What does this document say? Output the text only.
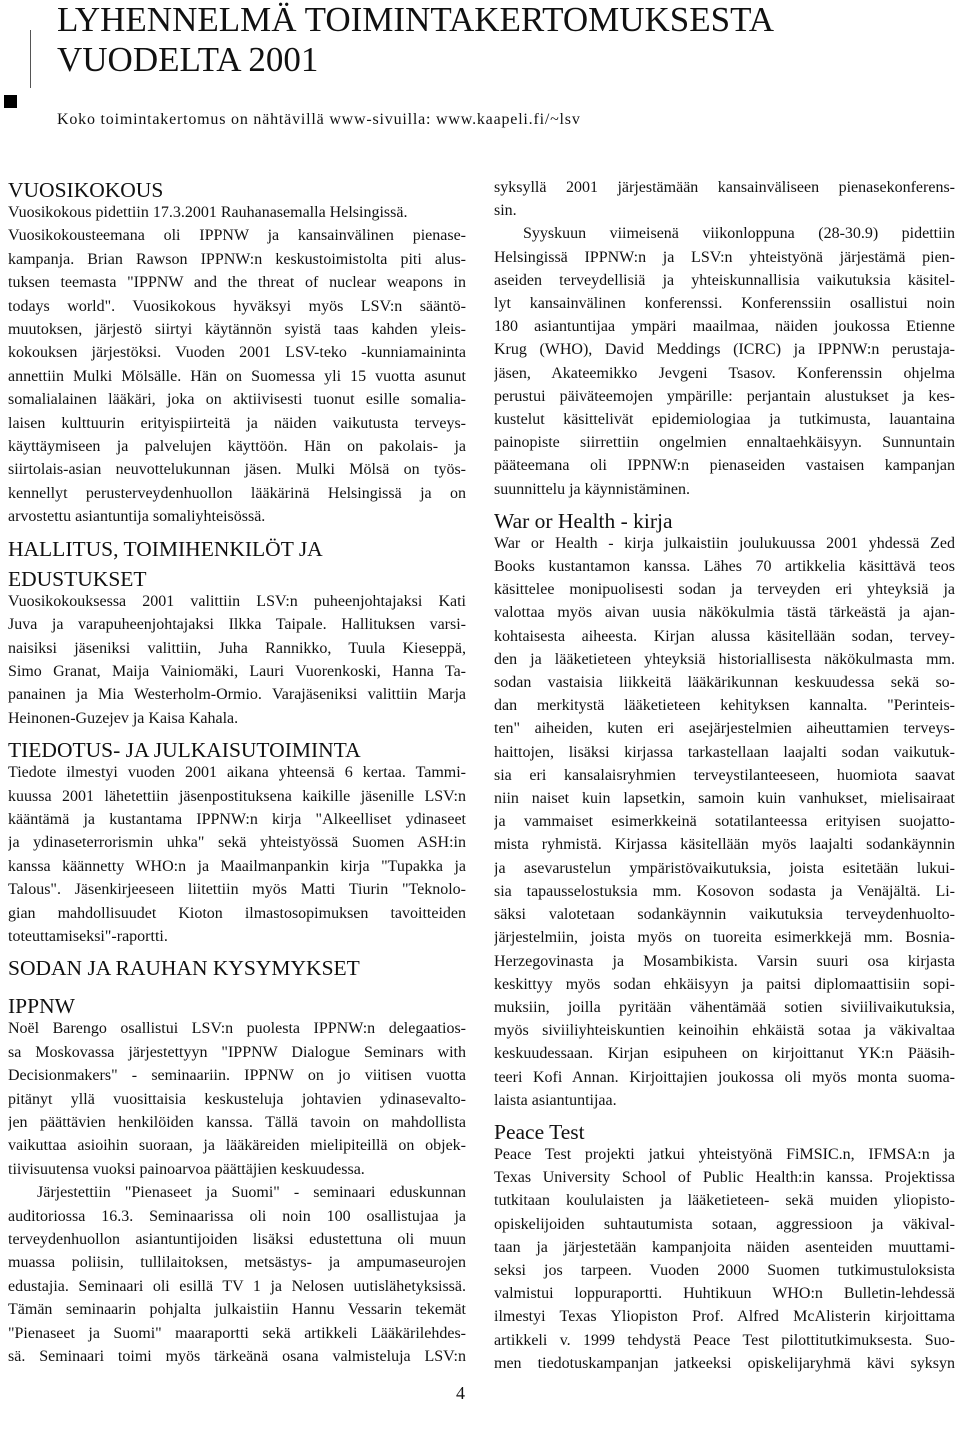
LYHENNELMÄ TOIMINTAKERTOMUKSESTA
VUODELTA 2001
Koko toimintakertomus on nähtävillä www-sivuilla: www.kaapeli.fi/~lsv
VUOSIKOKOUS
Vuosikokous pidettiin 17.3.2001 Rauhanasemalla Helsingissä.
Vuosikokousteemana oli IPPNW ja kansainvälinen pienase-
kampanja. Brian Rawson IPPNW:n keskustoimistolta piti alus-
tuksen teemasta "IPPNW and the threat of nuclear weapons in
todays world". Vuosikokous hyväksyi myös LSV:n sääntö-
muutoksen, järjestö siirtyi käytännön syistä taas kahden yleis-
kokouksen järjestöksi. Vuoden 2001 LSV-teko -kunniamaininta
annettiin Mulki Mölsälle. Hän on Suomessa yli 15 vuotta asunut
somalialainen lääkäri, joka on aktiivisesti tuonut esille somalia-
laisen kulttuurin erityispiirteitä ja näiden vaikutusta terveys-
käyttäymiseen ja palvelujen käyttöön. Hän on pakolais- ja
siirtolais-asian neuvottelukunnan jäsen. Mulki Mölsä on työs-
kennellyt perusterveydenhuollon lääkärinä Helsingissä ja on
arvostettu asiantuntija somaliyhteisössä.
HALLITUS, TOIMIHENKILÖT JA
EDUSTUKSET
Vuosikokouksessa 2001 valittiin LSV:n puheenjohtajaksi Kati
Juva ja varapuheenjohtajaksi Ilkka Taipale. Hallituksen varsi-
naisiksi jäseniksi valittiin, Juha Rannikko, Tuula Kieseppä,
Simo Granat, Maija Vainiomäki, Lauri Vuorenkoski, Hanna Ta-
panainen ja Mia Westerholm-Ormio. Varajäseniksi valittiin Marja
Heinonen-Guzejev ja Kaisa Kahala.
TIEDOTUS- JA JULKAISUTOIMINTA
Tiedote ilmestyi vuoden 2001 aikana yhteensä 6 kertaa. Tammi-
kuussa 2001 lähetettiin jäsenpostituksena kaikille jäsenille LSV:n
kääntämä ja kustantama IPPNW:n kirja "Alkeelliset ydinaseet
ja ydinaseterrorismin uhka" sekä yhteistyössä Suomen ASH:in
kanssa käännetty WHO:n ja Maailmanpankin kirja "Tupakka ja
Talous". Jäsenkirjeeseen liitettiin myös Matti Tiurin "Teknolo-
gian mahdollisuudet Kioton ilmastosopimuksen tavoitteiden
toteuttamiseksi"-raportti.
SODAN JA RAUHAN KYSYMYKSET
IPPNW
Noël Barengo osallistui LSV:n puolesta IPPNW:n delegaatios-
sa Moskovassa järjestettyyn "IPPNW Dialogue Seminars with
Decisionmakers" - seminaariin. IPPNW on jo viitisen vuotta
pitänyt yllä vuosittaisia keskusteluja johtavien ydinasevalto-
jen päättävien henkilöiden kanssa. Tällä tavoin on mahdollista
vaikuttaa asioihin suoraan, ja lääkäreiden mielipiteillä on objek-
tiivisuutensa vuoksi painoarvoa päättäjien keskuudessa.
Järjestettiin "Pienaseet ja Suomi" - seminaari eduskunnan
auditoriossa 16.3. Seminaarissa oli noin 100 osallistujaa ja
terveydenhuollon asiantuntijoiden lisäksi edustettuna oli muun
muassa poliisin, tullilaitoksen, metsästys- ja ampumaseurojen
edustajia. Seminaari oli esillä TV 1 ja Nelosen uutislähetyksissä.
Tämän seminaarin pohjalta julkaistiin Hannu Vessarin tekemät
"Pienaseet ja Suomi" maaraportti sekä artikkeli Lääkärilehdes-
sä. Seminaari toimi myös tärkeänä osana valmisteluja LSV:n
syksyllä 2001 järjestämään kansainväliseen pienasekonferens-
sin.
Syyskuun viimeisenä viikonloppuna (28-30.9) pidettiin
Helsingissä IPPNW:n ja LSV:n yhteistyönä järjestämä pien-
aseiden terveydellisiä ja yhteiskunnallisia vaikutuksia käsitel-
lyt kansainvälinen konferenssi. Konferenssiin osallistui noin
180 asiantuntijaa ympäri maailmaa, näiden joukossa Etienne
Krug (WHO), David Meddings (ICRC) ja IPPNW:n perustaja-
jäsen, Akateemikko Jevgeni Tsasov. Konferenssin ohjelma
perustui päiväteemojen ympärille: perjantain alustukset ja kes-
kustelut käsittelivät epidemiologiaa ja tutkimusta, lauantaina
painopiste siirrettiin ongelmien ennaltaehkäisyyn. Sunnuntain
pääteemana oli IPPNW:n pienaseiden vastaisen kampanjan
suunnittelu ja käynnistäminen.
War or Health - kirja
War or Health - kirja julkaistiin joulukuussa 2001 yhdessä Zed
Books kustantamon kanssa. Lähes 70 artikkelia käsittävä teos
käsittelee monipuolisesti sodan ja terveyden eri yhteyksiä ja
valottaa myös aivan uusia näkökulmia tästä tärkeästä ja ajan-
kohtaisesta aiheesta. Kirjan alussa käsitellään sodan, tervey-
den ja lääketieteen yhteyksiä historiallisesta näkökulmasta mm.
sodan vastaisia liikkeitä lääkärikunnan keskuudessa sekä so-
dan merkitystä lääketieteen kehityksen kannalta. "Perinteis-
ten" aiheiden, kuten eri asejärjestelmien aiheuttamien terveys-
haittojen, lisäksi kirjassa tarkastellaan laajalti sodan vaikutuk-
sia eri kansalaisryhmien terveystilanteeseen, huomiota saavat
niin naiset kuin lapsetkin, samoin kuin vanhukset, mielisairaat
ja vammaiset esimerkkeinä sotatilanteessa erityisen suojatto-
mista ryhmistä. Kirjassa käsitellään myös laajalti sodankäynnin
ja asevarustelun ympäristövaikutuksia, joista esitetään lukui-
sia tapausselostuksia mm. Kosovon sodasta ja Venäjältä. Li-
säksi valotetaan sodankäynnin vaikutuksia terveydenhuolto-
järjestelmiin, joista myös on tuoreita esimerkkejä mm. Bosnia-
Herzegovinasta ja Mosambikista. Varsin suuri osa kirjasta
keskittyy myös sodan ehkäisyyn ja paitsi diplomaattisiin sopi-
muksiin, joilla pyritään vähentämää sotien siviilivaikutuksia,
myös siviiliyhteiskuntien keinoihin ehkäistä sotaa ja väkivaltaa
keskuudessaan. Kirjan esipuheen on kirjoittanut YK:n Pääsih-
teeri Kofi Annan. Kirjoittajien joukossa oli myös monta suoma-
laista asiantuntijaa.
Peace Test
Peace Test projekti jatkui yhteistyönä FiMSIC.n, IFMSA:n ja
Texas University School of Public Health:in kanssa. Projektissa
tutkitaan koululaisten ja lääketieteen- sekä muiden yliopisto-
opiskelijoiden suhtautumista sotaan, aggressioon ja väkival-
taan ja järjestetään kampanjoita näiden asenteiden muuttami-
seksi jos tarpeen. Vuoden 2000 Suomen tutkimustuloksista
valmistui loppuraportti. Huhtikuun WHO:n Bulletin-lehdessä
ilmestyi Texas Yliopiston Prof. Alfred McAlisterin kirjoittama
artikkeli v. 1999 tehdystä Peace Test pilottitutkimuksesta. Suo-
men tiedotuskampanjan jatkeeksi opiskelijaryhmä kävi syksyn
4
